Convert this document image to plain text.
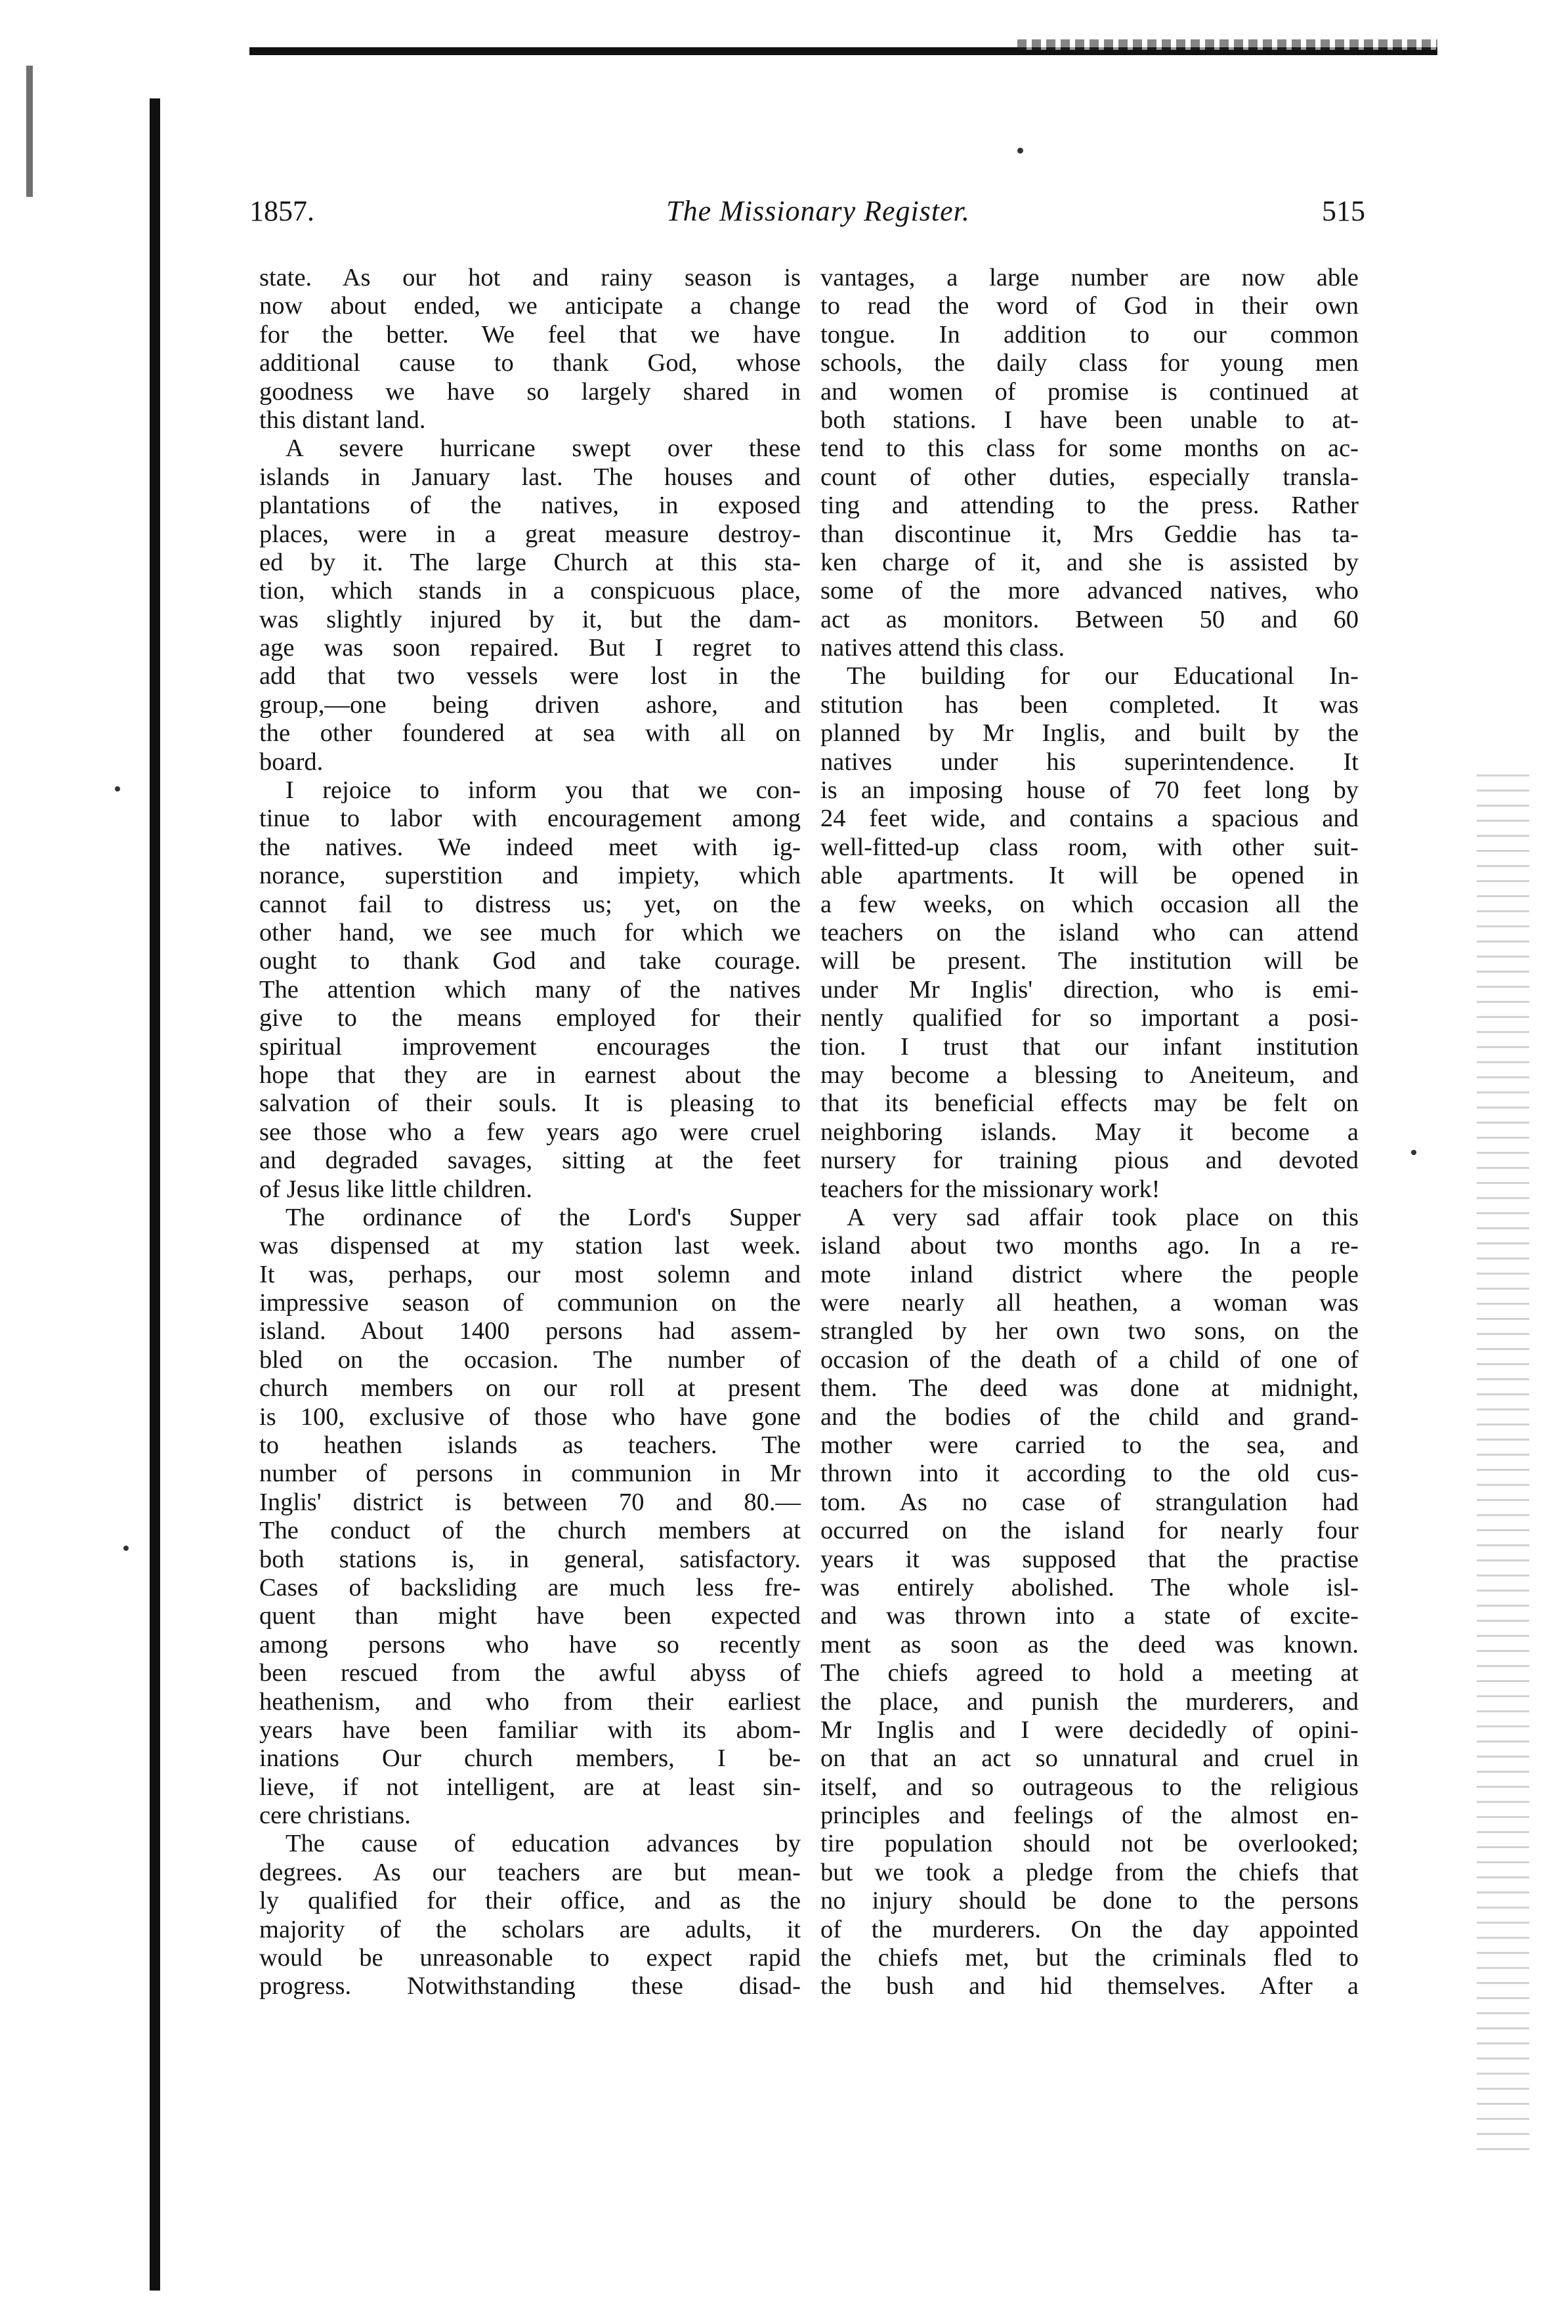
1857.	The Missionary Register.	515
state. As our hot and rainy season is
now about ended, we anticipate a change
for the better. We feel that we have
additional cause to thank God, whose
goodness we have so largely shared in
this distant land.
A severe hurricane swept over these
islands in January last. The houses and
plantations of the natives, in exposed
places, were in a great measure destroy-
ed by it. The large Church at this sta-
tion, which stands in a conspicuous place,
was slightly injured by it, but the dam-
age was soon repaired. But I regret to
add that two vessels were lost in the
group,—one being driven ashore, and
the other foundered at sea with all on
board.
I rejoice to inform you that we con-
tinue to labor with encouragement among
the natives. We indeed meet with ig-
norance, superstition and impiety, which
cannot fail to distress us; yet, on the
other hand, we see much for which we
ought to thank God and take courage.
The attention which many of the natives
give to the means employed for their
spiritual improvement encourages the
hope that they are in earnest about the
salvation of their souls. It is pleasing to
see those who a few years ago were cruel
and degraded savages, sitting at the feet
of Jesus like little children.
The ordinance of the Lord's Supper
was dispensed at my station last week.
It was, perhaps, our most solemn and
impressive season of communion on the
island. About 1400 persons had assem-
bled on the occasion. The number of
church members on our roll at present
is 100, exclusive of those who have gone
to heathen islands as teachers. The
number of persons in communion in Mr
Inglis' district is between 70 and 80.—
The conduct of the church members at
both stations is, in general, satisfactory.
Cases of backsliding are much less fre-
quent than might have been expected
among persons who have so recently
been rescued from the awful abyss of
heathenism, and who from their earliest
years have been familiar with its abom-
inations Our church members, I be-
lieve, if not intelligent, are at least sin-
cere christians.
The cause of education advances by
degrees. As our teachers are but mean-
ly qualified for their office, and as the
majority of the scholars are adults, it
would be unreasonable to expect rapid
progress. Notwithstanding these disad-
vantages, a large number are now able
to read the word of God in their own
tongue. In addition to our common
schools, the daily class for young men
and women of promise is continued at
both stations. I have been unable to at-
tend to this class for some months on ac-
count of other duties, especially transla-
ting and attending to the press. Rather
than discontinue it, Mrs Geddie has ta-
ken charge of it, and she is assisted by
some of the more advanced natives, who
act as monitors. Between 50 and 60
natives attend this class.
The building for our Educational In-
stitution has been completed. It was
planned by Mr Inglis, and built by the
natives under his superintendence. It
is an imposing house of 70 feet long by
24 feet wide, and contains a spacious and
well-fitted-up class room, with other suit-
able apartments. It will be opened in
a few weeks, on which occasion all the
teachers on the island who can attend
will be present. The institution will be
under Mr Inglis' direction, who is emi-
nently qualified for so important a posi-
tion. I trust that our infant institution
may become a blessing to Aneiteum, and
that its beneficial effects may be felt on
neighboring islands. May it become a
nursery for training pious and devoted
teachers for the missionary work!
A very sad affair took place on this
island about two months ago. In a re-
mote inland district where the people
were nearly all heathen, a woman was
strangled by her own two sons, on the
occasion of the death of a child of one of
them. The deed was done at midnight,
and the bodies of the child and grand-
mother were carried to the sea, and
thrown into it according to the old cus-
tom. As no case of strangulation had
occurred on the island for nearly four
years it was supposed that the practise
was entirely abolished. The whole isl-
and was thrown into a state of excite-
ment as soon as the deed was known.
The chiefs agreed to hold a meeting at
the place, and punish the murderers, and
Mr Inglis and I were decidedly of opini-
on that an act so unnatural and cruel in
itself, and so outrageous to the religious
principles and feelings of the almost en-
tire population should not be overlooked;
but we took a pledge from the chiefs that
no injury should be done to the persons
of the murderers. On the day appointed
the chiefs met, but the criminals fled to
the bush and hid themselves. After a
